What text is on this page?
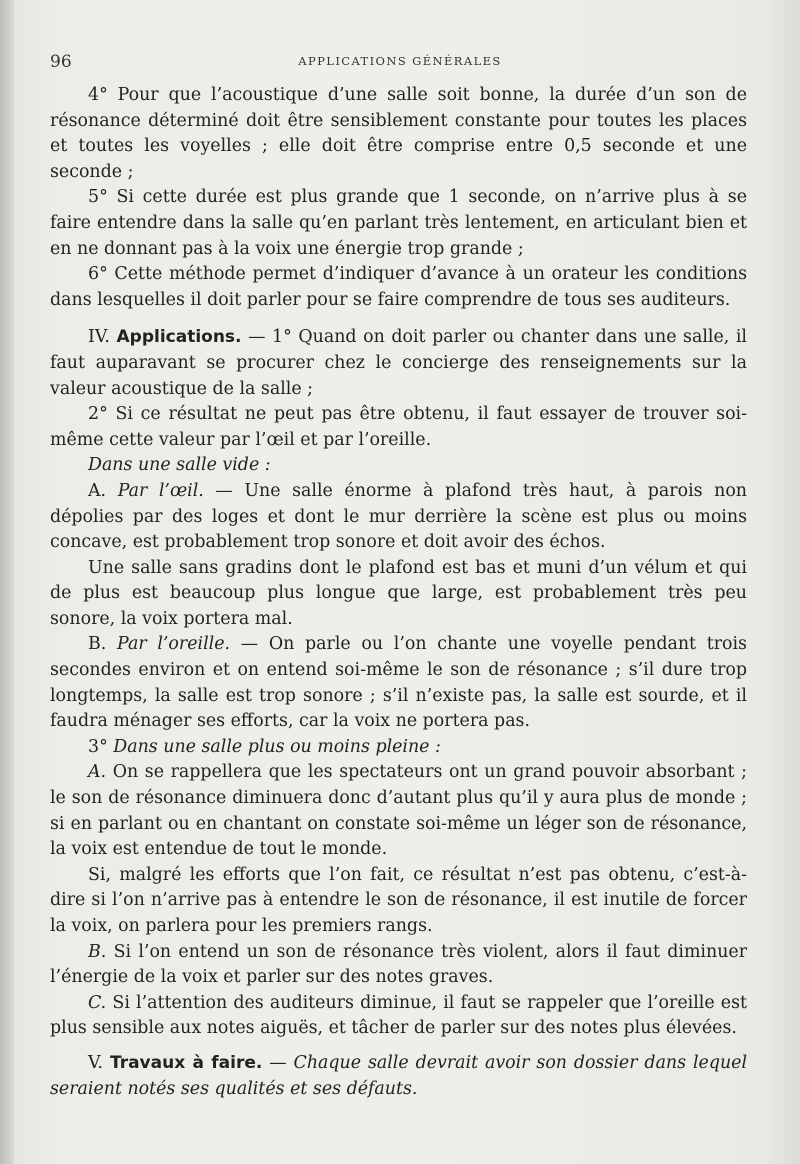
96	APPLICATIONS GÉNÉRALES

4° Pour que l’acoustique d’une salle soit bonne, la durée d’un son de résonance déterminé doit être sensiblement constante pour toutes les places et toutes les voyelles ; elle doit être comprise entre 0,5 seconde et une seconde ;

5° Si cette durée est plus grande que 1 seconde, on n’arrive plus à se faire entendre dans la salle qu’en parlant très lentement, en articulant bien et en ne donnant pas à la voix une énergie trop grande ;

6° Cette méthode permet d’indiquer d’avance à un orateur les conditions dans lesquelles il doit parler pour se faire comprendre de tous ses auditeurs.

IV. Applications. — 1° Quand on doit parler ou chanter dans une salle, il faut auparavant se procurer chez le concierge des renseignements sur la valeur acoustique de la salle ;

2° Si ce résultat ne peut pas être obtenu, il faut essayer de trouver soi-même cette valeur par l’œil et par l’oreille.

Dans une salle vide :

A. Par l’œil. — Une salle énorme à plafond très haut, à parois non dépolies par des loges et dont le mur derrière la scène est plus ou moins concave, est probablement trop sonore et doit avoir des échos.

Une salle sans gradins dont le plafond est bas et muni d’un vélum et qui de plus est beaucoup plus longue que large, est probablement très peu sonore, la voix portera mal.

B. Par l’oreille. — On parle ou l’on chante une voyelle pendant trois secondes environ et on entend soi-même le son de résonance ; s’il dure trop longtemps, la salle est trop sonore ; s’il n’existe pas, la salle est sourde, et il faudra ménager ses efforts, car la voix ne portera pas.

3° Dans une salle plus ou moins pleine :

A. On se rappellera que les spectateurs ont un grand pouvoir absorbant ; le son de résonance diminuera donc d’autant plus qu’il y aura plus de monde ; si en parlant ou en chantant on constate soi-même un léger son de résonance, la voix est entendue de tout le monde.

Si, malgré les efforts que l’on fait, ce résultat n’est pas obtenu, c’est-à-dire si l’on n’arrive pas à entendre le son de résonance, il est inutile de forcer la voix, on parlera pour les premiers rangs.

B. Si l’on entend un son de résonance très violent, alors il faut diminuer l’énergie de la voix et parler sur des notes graves.

C. Si l’attention des auditeurs diminue, il faut se rappeler que l’oreille est plus sensible aux notes aiguës, et tâcher de parler sur des notes plus élevées.

V. Travaux à faire. — Chaque salle devrait avoir son dossier dans lequel seraient notés ses qualités et ses défauts.
